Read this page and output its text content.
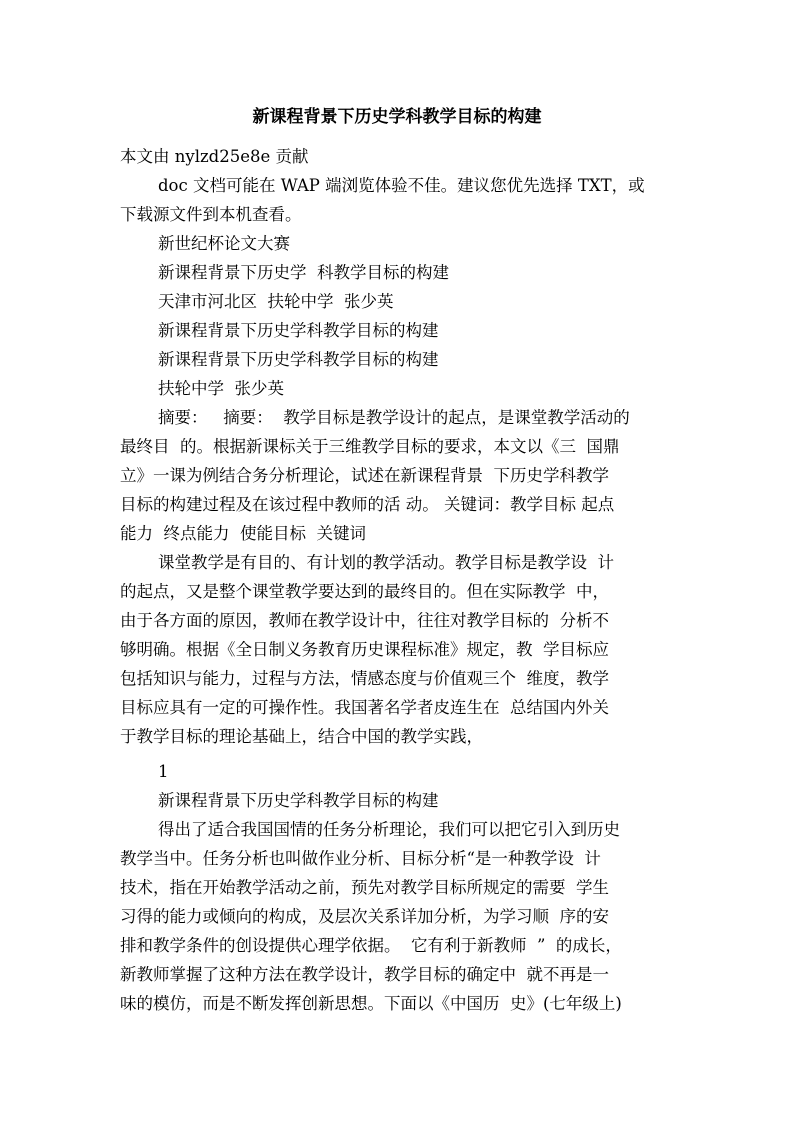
新课程背景下历史学科教学目标的构建
本文由 nylzd25e8e 贡献
doc 文档可能在 WAP 端浏览体验不佳。建议您优先选择 TXT，或
下载源文件到本机查看。
新世纪杯论文大赛
新课程背景下历史学  科教学目标的构建
天津市河北区  扶轮中学  张少英
新课程背景下历史学科教学目标的构建
新课程背景下历史学科教学目标的构建
扶轮中学  张少英
摘要：   摘要：  教学目标是教学设计的起点，是课堂教学活动的
最终目  的。根据新课标关于三维教学目标的要求，本文以《三  国鼎
立》一课为例结合务分析理论，试述在新课程背景  下历史学科教学
目标的构建过程及在该过程中教师的活 动。 关键词：教学目标 起点
能力  终点能力  使能目标  关键词
课堂教学是有目的、有计划的教学活动。教学目标是教学设  计
的起点，又是整个课堂教学要达到的最终目的。但在实际教学  中，
由于各方面的原因，教师在教学设计中，往往对教学目标的  分析不
够明确。根据《全日制义务教育历史课程标准》规定，教  学目标应
包括知识与能力，过程与方法，情感态度与价值观三个  维度，教学
目标应具有一定的可操作性。我国著名学者皮连生在  总结国内外关
于教学目标的理论基础上，结合中国的教学实践，
1
新课程背景下历史学科教学目标的构建
得出了适合我国国情的任务分析理论，我们可以把它引入到历史
教学当中。任务分析也叫做作业分析、目标分析“是一种教学设  计
技术，指在开始教学活动之前，预先对教学目标所规定的需要  学生
习得的能力或倾向的构成，及层次关系详加分析，为学习顺  序的安
排和教学条件的创设提供心理学依据。  它有利于新教师  ”  的成长，
新教师掌握了这种方法在教学设计，教学目标的确定中  就不再是一
味的模仿，而是不断发挥创新思想。下面以《中国历  史》(七年级上)
